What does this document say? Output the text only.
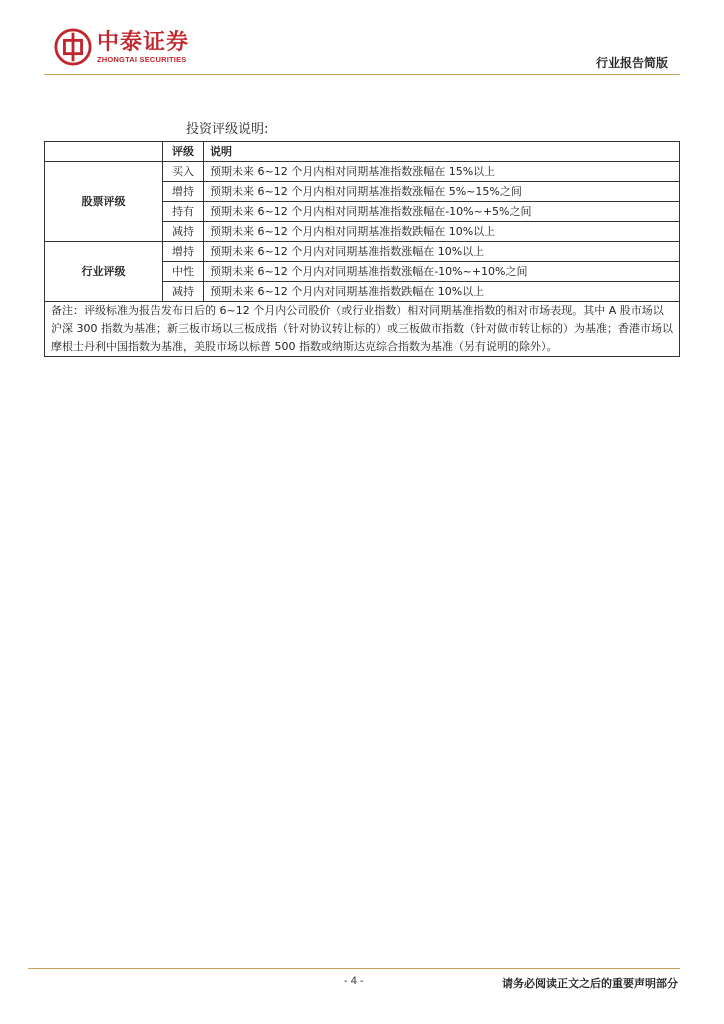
中泰证券
ZHONGTAI SECURITIES	行业报告简版
投资评级说明:
	评级	说明
股票评级	买入	预期未来 6~12 个月内相对同期基准指数涨幅在 15%以上
	增持	预期未来 6~12 个月内相对同期基准指数涨幅在 5%~15%之间
	持有	预期未来 6~12 个月内相对同期基准指数涨幅在-10%~+5%之间
	减持	预期未来 6~12 个月内相对同期基准指数跌幅在 10%以上
行业评级	增持	预期未来 6~12 个月内对同期基准指数涨幅在 10%以上
	中性	预期未来 6~12 个月内对同期基准指数涨幅在-10%~+10%之间
	减持	预期未来 6~12 个月内对同期基准指数跌幅在 10%以上
备注：评级标准为报告发布日后的 6~12 个月内公司股价（或行业指数）相对同期基准指数的相对市场表现。其中 A 股市场以沪深 300 指数为基准；新三板市场以三板成指（针对协议转让标的）或三板做市指数（针对做市转让标的）为基准；香港市场以摩根士丹利中国指数为基准，美股市场以标普 500 指数或纳斯达克综合指数为基准（另有说明的除外）。		
- 4 -	请务必阅读正文之后的重要声明部分
